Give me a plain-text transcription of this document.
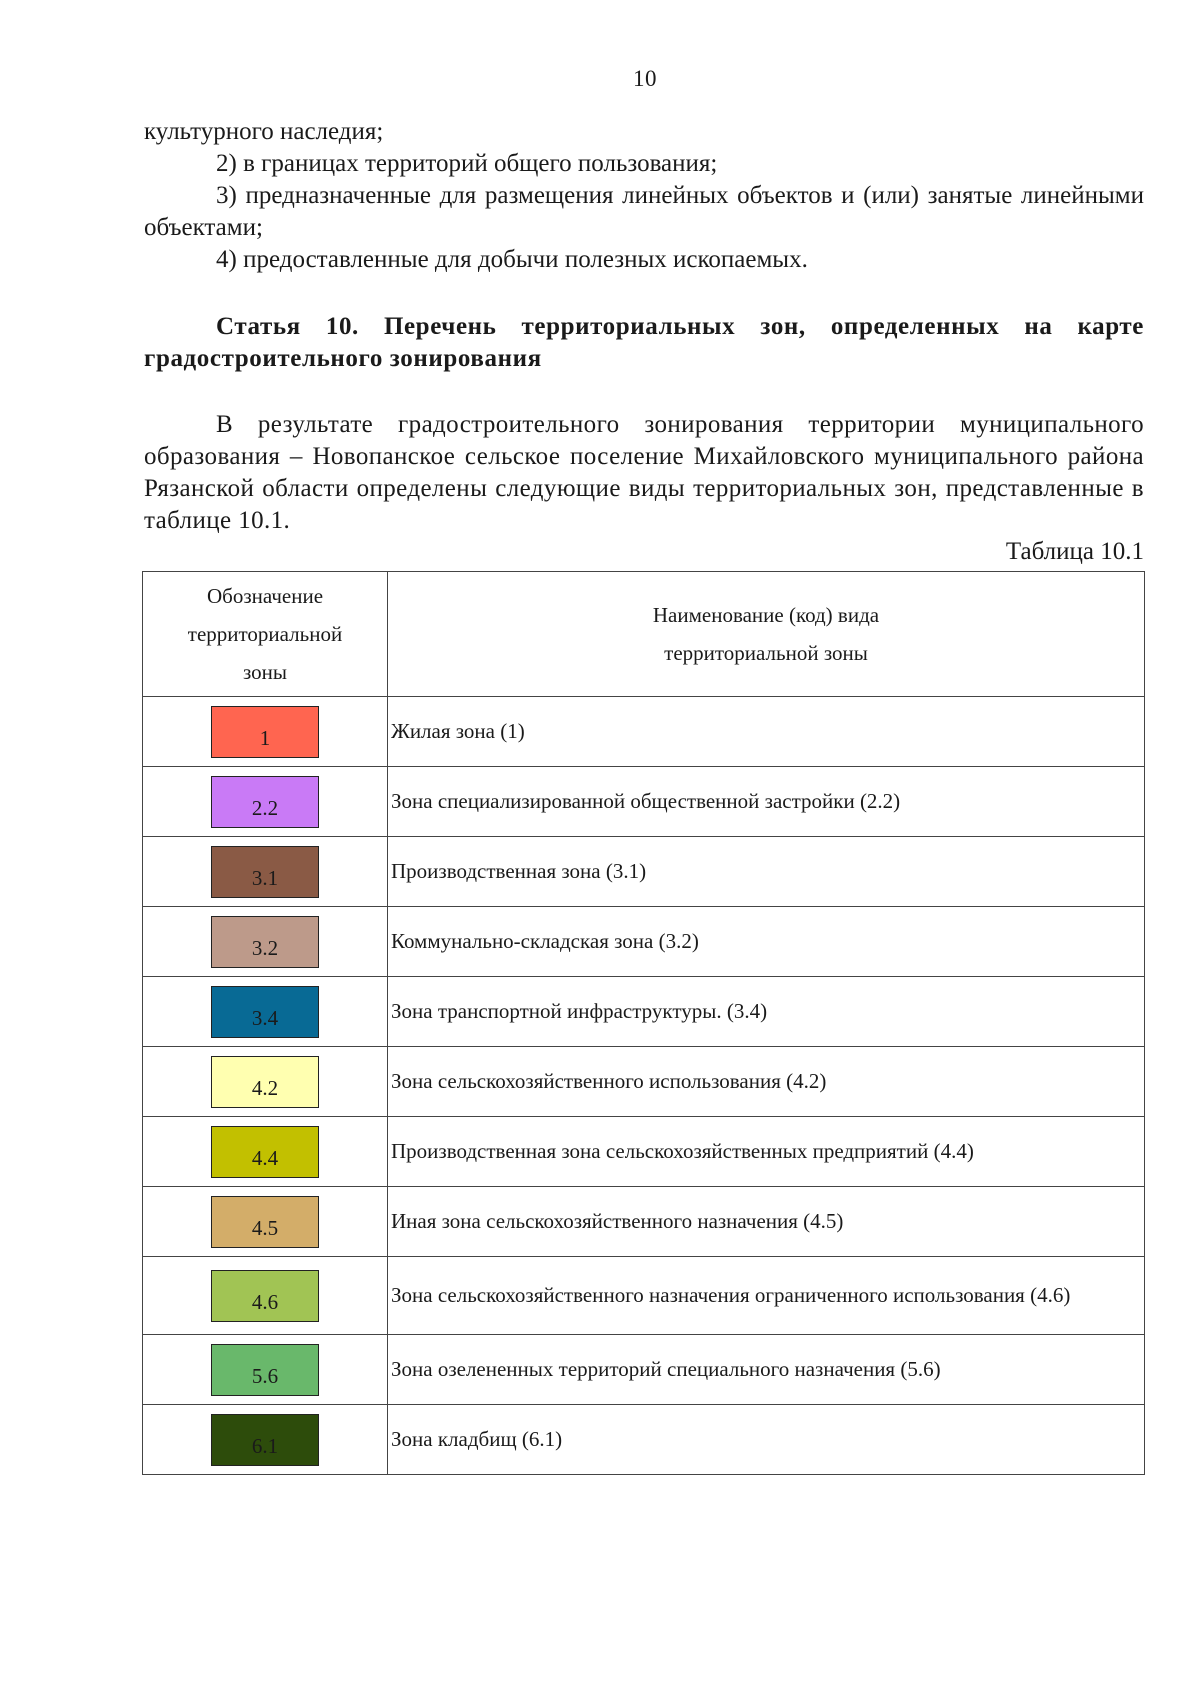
10

культурного наследия;

2) в границах территорий общего пользования;

3) предназначенные для размещения линейных объектов и (или) занятые линейными объектами;

4) предоставленные для добычи полезных ископаемых.

Статья 10. Перечень территориальных зон, определенных на карте градостроительного зонирования

В результате градостроительного зонирования территории муниципального образования – Новопанское сельское поселение Михайловского муниципального района Рязанской области определены следующие виды территориальных зон, представленные в таблице 10.1.

Таблица 10.1
Обозначение территориальной зоны	Наименование (код) вида территориальной зоны

1	Жилая зона (1)
2.2	Зона специализированной общественной застройки (2.2)
3.1	Производственная зона (3.1)
3.2	Коммунально-складская зона (3.2)
3.4	Зона транспортной инфраструктуры. (3.4)
4.2	Зона сельскохозяйственного использования (4.2)
4.4	Производственная зона сельскохозяйственных предприятий (4.4)
4.5	Иная зона сельскохозяйственного назначения (4.5)
4.6	Зона сельскохозяйственного назначения ограниченного использования (4.6)
5.6	Зона озелененных территорий специального назначения (5.6)
6.1	Зона кладбищ (6.1)
